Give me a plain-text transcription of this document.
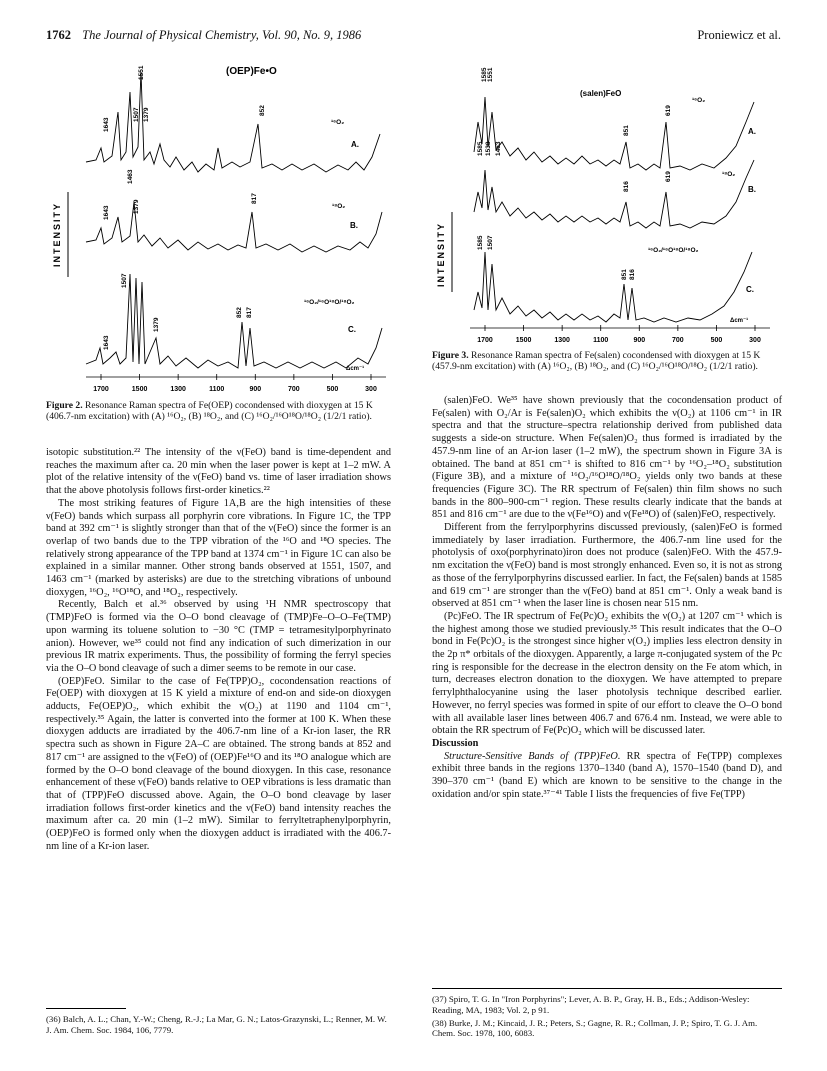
1762 The Journal of Physical Chemistry, Vol. 90, No. 9, 1986	Proniewicz et al.
INTENSITY
(OEP)Fe•O
1551
1643
1507
1463
1379	852
¹⁶O₂
A.
1643	1379
817
¹⁸O₂
B.
1507
1643
1379
852 817
¹⁶O₂/¹⁶O¹⁸O/¹⁸O₂
C.
Δcm⁻¹
1700	1500	1300	1100	900	700	500	300
Figure 2. Resonance Raman spectra of Fe(OEP) cocondensed with dioxygen at 15 K (406.7-nm excitation) with (A) ¹⁶O₂, (B) ¹⁸O₂, and (C) ¹⁶O₂/¹⁶O¹⁸O/¹⁸O₂ (1/2/1 ratio).

isotopic substitution.²² The intensity of the ν(FeO) band is time-dependent and reaches the maximum after ca. 20 min when the laser power is kept at 1–2 mW. A plot of the relative intensity of the ν(FeO) band vs. time of laser irradiation shows that the above photolysis follows first-order kinetics.²²

The most striking features of Figure 1A,B are the high intensities of these ν(FeO) bands which surpass all porphyrin core vibrations. In Figure 1C, the TPP band at 392 cm⁻¹ is slightly stronger than that of the ν(FeO) since the former is an overlap of two bands due to the TPP vibration of the ¹⁶O and ¹⁸O species. The relatively strong appearance of the TPP band at 1374 cm⁻¹ in Figure 1C can also be explained in a similar manner. Other strong bands observed at 1551, 1507, and 1463 cm⁻¹ (marked by asterisks) are due to the stretching vibrations of unbound dioxygen, ¹⁶O₂, ¹⁶O¹⁸O, and ¹⁸O₂, respectively.

Recently, Balch et al.³⁶ observed by using ¹H NMR spectroscopy that (TMP)FeO is formed via the O–O bond cleavage of (TMP)Fe–O–O–Fe(TMP) upon warming its toluene solution to −30 °C (TMP = tetramesitylporphyrinato anion). However, we³⁵ could not find any indication of such dimerization in our previous IR matrix experiments. Thus, the possibility of forming the ferryl species via the O–O bond cleavage of such a dimer seems to be remote in our case.

(OEP)FeO. Similar to the case of Fe(TPP)O₂, cocondensation reactions of Fe(OEP) with dioxygen at 15 K yield a mixture of end-on and side-on dioxygen adducts, Fe(OEP)O₂, which exhibit the ν(O₂) at 1190 and 1104 cm⁻¹, respectively.³⁵ Again, the latter is converted into the former at 100 K. When these dioxygen adducts are irradiated by the 406.7-nm line of a Kr-ion laser, the RR spectra such as shown in Figure 2A–C are obtained. The strong bands at 852 and 817 cm⁻¹ are assigned to the ν(FeO) of (OEP)Fe¹⁶O and its ¹⁸O analogue which are formed by the O–O bond cleavage of the bound dioxygen. In this case, resonance enhancement of these ν(FeO) bands relative to OEP vibrations is less dramatic than that of (TPP)FeO discussed above. Again, the O–O bond cleavage by laser irradiation follows first-order kinetics and the ν(FeO) band intensity reaches the maximum after ca. 20 min (1–2 mW). Similar to ferryltetraphenylporphyrin, (OEP)FeO is formed only when the dioxygen adduct is irradiated with the 406.7-nm line of a Kr-ion laser.

(36) Balch, A. L.; Chan, Y.-W.; Cheng, R.-J.; La Mar, G. N.; Latos-Grazynski, L.; Renner, M. W. J. Am. Chem. Soc. 1984, 106, 7779.

INTENSITY
(salen)FeO
1585 1551
851
619
¹⁶O₂
A.
1585 1538 1463
816
619	¹⁸O₂
B.
1585 1507
851 816
¹⁶O₂/¹⁶O¹⁸O/¹⁸O₂
C.
Δcm⁻¹
1700	1500	1300	1100	900	700	500	300
Figure 3. Resonance Raman spectra of Fe(salen) cocondensed with dioxygen at 15 K (457.9-nm excitation) with (A) ¹⁶O₂, (B) ¹⁸O₂, and (C) ¹⁶O₂/¹⁶O¹⁸O/¹⁸O₂ (1/2/1 ratio).

(salen)FeO. We³⁵ have shown previously that the cocondensation product of Fe(salen) with O₂/Ar is Fe(salen)O₂ which exhibits the ν(O₂) at 1106 cm⁻¹ in IR spectra and that the structure–spectra relationship derived from published data suggests a side-on structure. When Fe(salen)O₂ thus formed is irradiated by the 457.9-nm line of an Ar-ion laser (1–2 mW), the spectrum shown in Figure 3A is obtained. The band at 851 cm⁻¹ is shifted to 816 cm⁻¹ by ¹⁶O₂–¹⁸O₂ substitution (Figure 3B), and a mixture of ¹⁶O₂/¹⁶O¹⁸O/¹⁸O₂ yields only two bands at these frequencies (Figure 3C). The RR spectrum of Fe(salen) thin film shows no such bands in the 800–900-cm⁻¹ region. These results clearly indicate that the bands at 851 and 816 cm⁻¹ are due to the ν(Fe¹⁶O) and ν(Fe¹⁸O) of (salen)FeO, respectively.

Different from the ferrylporphyrins discussed previously, (salen)FeO is formed immediately by laser irradiation. Furthermore, the 406.7-nm line used for the photolysis of oxo(porphyrinato)iron does not produce (salen)FeO. With the 457.9-nm excitation the ν(FeO) band is most strongly enhanced. Even so, it is not as strong as those of the ferrylporphyrins discussed earlier. In fact, the Fe(salen) bands at 1585 and 619 cm⁻¹ are stronger than the ν(FeO) band at 851 cm⁻¹. Only a weak band is observed at 851 cm⁻¹ when the laser line is chosen near 515 nm.

(Pc)FeO. The IR spectrum of Fe(Pc)O₂ exhibits the ν(O₂) at 1207 cm⁻¹ which is the highest among those we studied previously.³⁵ This result indicates that the O–O bond in Fe(Pc)O₂ is the strongest since higher ν(O₂) implies less electron density in the 2p π* orbitals of the dioxygen. Apparently, a large π-conjugated system of the Pc ring is responsible for the decrease in the electron density on the Fe atom which, in turn, decreases electron donation to the dioxygen. We have attempted to prepare ferrylphthalocyanine using the laser photolysis technique described earlier. However, no ferryl species was formed in spite of our effort to cleave the O–O bond with all available laser lines between 406.7 and 676.4 nm. Instead, we were able to obtain the RR spectrum of Fe(Pc)O₂ which will be discussed later.

Discussion

Structure-Sensitive Bands of (TPP)FeO. RR spectra of Fe(TPP) complexes exhibit three bands in the regions 1370–1340 (band A), 1570–1540 (band D), and 390–370 cm⁻¹ (band E) which are known to be sensitive to the change in the oxidation and/or spin state.³⁷⁻⁴¹ Table I lists the frequencies of five Fe(TPP)

(37) Spiro, T. G. In "Iron Porphyrins"; Lever, A. B. P., Gray, H. B., Eds.; Addison-Wesley: Reading, MA, 1983; Vol. 2, p 91.

(38) Burke, J. M.; Kincaid, J. R.; Peters, S.; Gagne, R. R.; Collman, J. P.; Spiro, T. G. J. Am. Chem. Soc. 1978, 100, 6083.
